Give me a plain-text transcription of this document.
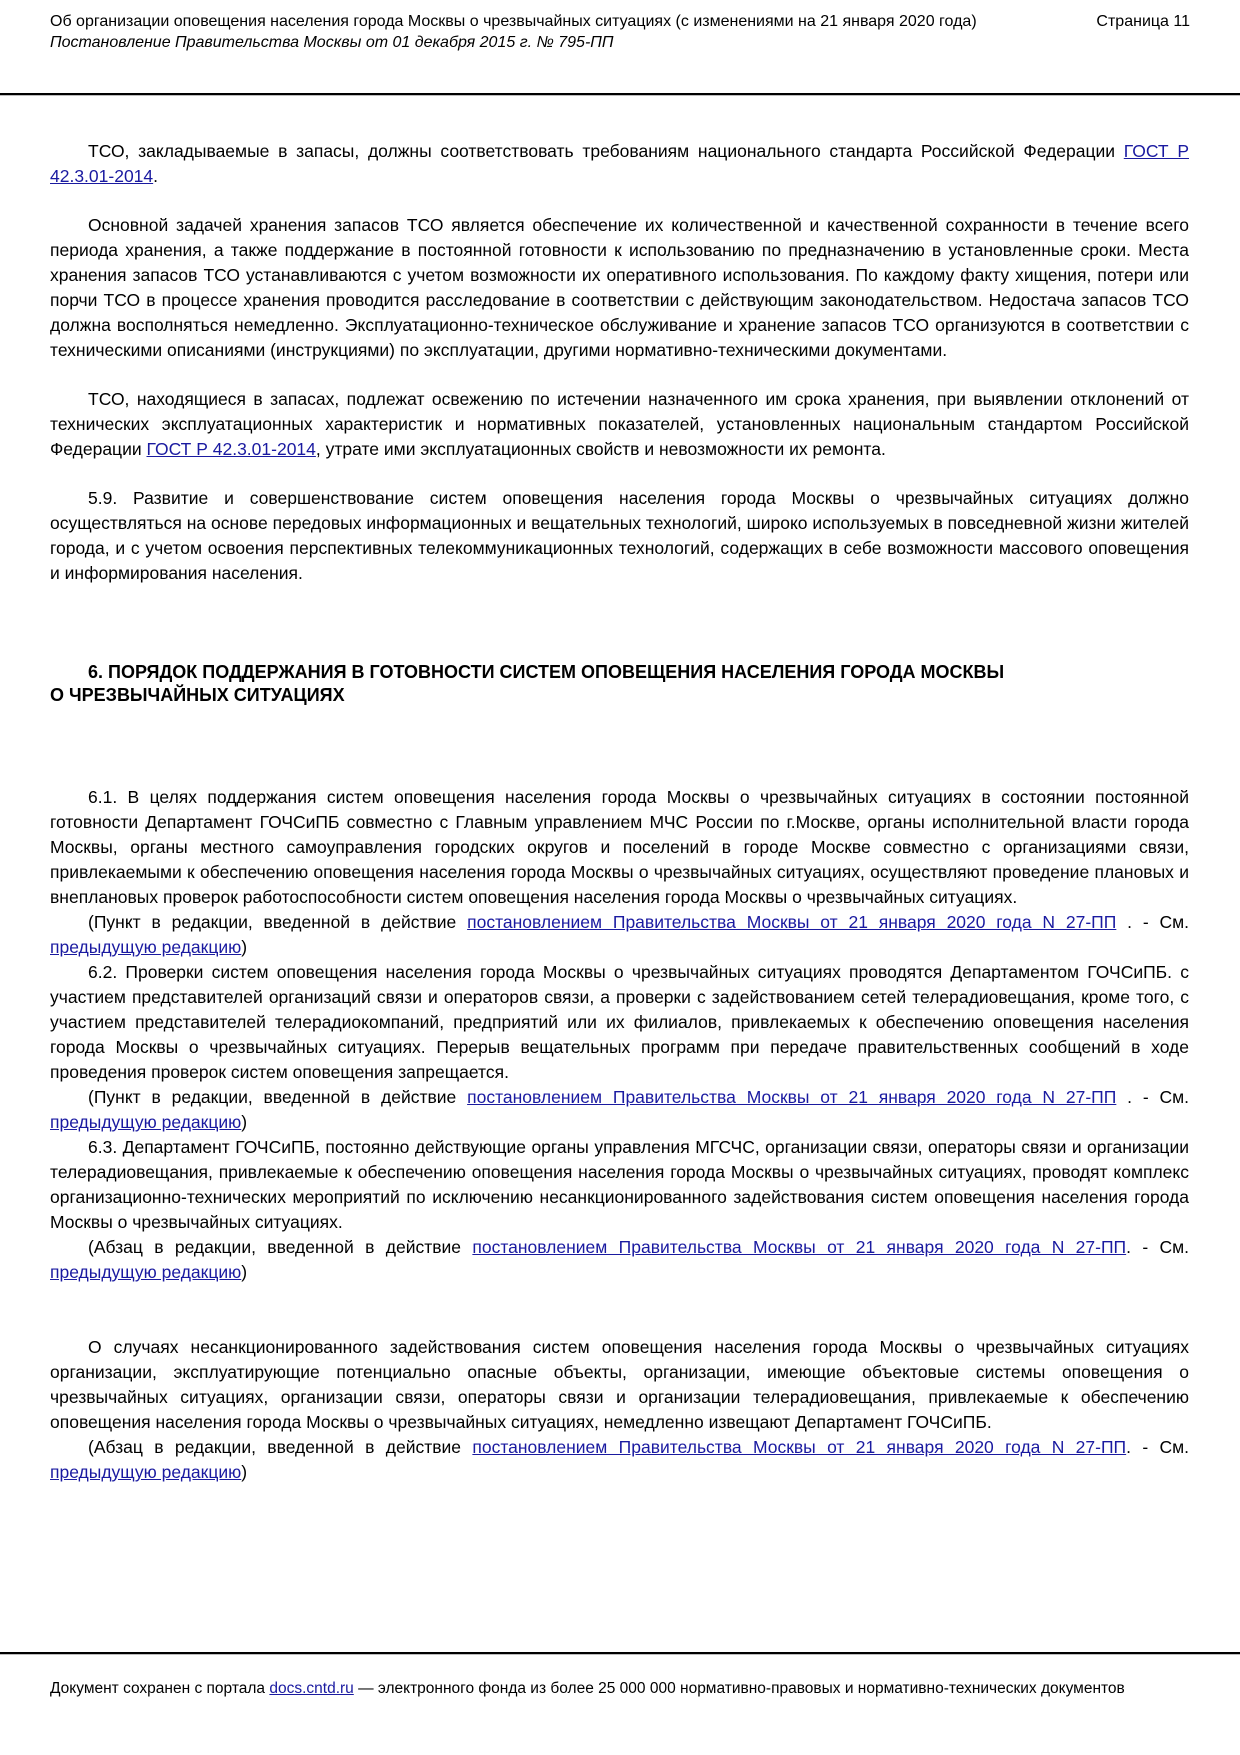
Об организации оповещения населения города Москвы о чрезвычайных ситуациях (с изменениями на 21 января 2020 года)	Страница 11
Постановление Правительства Москвы от 01 декабря 2015 г. № 795-ПП

ТСО, закладываемые в запасы, должны соответствовать требованиям национального стандарта Российской Федерации ГОСТ Р 42.3.01-2014.

Основной задачей хранения запасов ТСО является обеспечение их количественной и качественной сохранности в течение всего периода хранения, а также поддержание в постоянной готовности к использованию по предназначению в установленные сроки. Места хранения запасов ТСО устанавливаются с учетом возможности их оперативного использования. По каждому факту хищения, потери или порчи ТСО в процессе хранения проводится расследование в соответствии с действующим законодательством. Недостача запасов ТСО должна восполняться немедленно. Эксплуатационно-техническое обслуживание и хранение запасов ТСО организуются в соответствии с техническими описаниями (инструкциями) по эксплуатации, другими нормативно-техническими документами.

ТСО, находящиеся в запасах, подлежат освежению по истечении назначенного им срока хранения, при выявлении отклонений от технических эксплуатационных характеристик и нормативных показателей, установленных национальным стандартом Российской Федерации ГОСТ Р 42.3.01-2014, утрате ими эксплуатационных свойств и невозможности их ремонта.

5.9. Развитие и совершенствование систем оповещения населения города Москвы о чрезвычайных ситуациях должно осуществляться на основе передовых информационных и вещательных технологий, широко используемых в повседневной жизни жителей города, и с учетом освоения перспективных телекоммуникационных технологий, содержащих в себе возможности массового оповещения и информирования населения.

6. ПОРЯДОК ПОДДЕРЖАНИЯ В ГОТОВНОСТИ СИСТЕМ ОПОВЕЩЕНИЯ НАСЕЛЕНИЯ ГОРОДА МОСКВЫ
О ЧРЕЗВЫЧАЙНЫХ СИТУАЦИЯХ

6.1. В целях поддержания систем оповещения населения города Москвы о чрезвычайных ситуациях в состоянии постоянной готовности Департамент ГОЧСиПБ совместно с Главным управлением МЧС России по г.Москве, органы исполнительной власти города Москвы, органы местного самоуправления городских округов и поселений в городе Москве совместно с организациями связи, привлекаемыми к обеспечению оповещения населения города Москвы о чрезвычайных ситуациях, осуществляют проведение плановых и внеплановых проверок работоспособности систем оповещения населения города Москвы о чрезвычайных ситуациях.

(Пункт в редакции, введенной в действие постановлением Правительства Москвы от 21 января 2020 года N 27-ПП . - См. предыдущую редакцию)

6.2. Проверки систем оповещения населения города Москвы о чрезвычайных ситуациях проводятся Департаментом ГОЧСиПБ. с участием представителей организаций связи и операторов связи, а проверки с задействованием сетей телерадиовещания, кроме того, с участием представителей телерадиокомпаний, предприятий или их филиалов, привлекаемых к обеспечению оповещения населения города Москвы о чрезвычайных ситуациях. Перерыв вещательных программ при передаче правительственных сообщений в ходе проведения проверок систем оповещения запрещается.

(Пункт в редакции, введенной в действие постановлением Правительства Москвы от 21 января 2020 года N 27-ПП . - См. предыдущую редакцию)

6.3. Департамент ГОЧСиПБ, постоянно действующие органы управления МГСЧС, организации связи, операторы связи и организации телерадиовещания, привлекаемые к обеспечению оповещения населения города Москвы о чрезвычайных ситуациях, проводят комплекс организационно-технических мероприятий по исключению несанкционированного задействования систем оповещения населения города Москвы о чрезвычайных ситуациях.

(Абзац в редакции, введенной в действие постановлением Правительства Москвы от 21 января 2020 года N 27-ПП. - См. предыдущую редакцию)

О случаях несанкционированного задействования систем оповещения населения города Москвы о чрезвычайных ситуациях организации, эксплуатирующие потенциально опасные объекты, организации, имеющие объектовые системы оповещения о чрезвычайных ситуациях, организации связи, операторы связи и организации телерадиовещания, привлекаемые к обеспечению оповещения населения города Москвы о чрезвычайных ситуациях, немедленно извещают Департамент ГОЧСиПБ.

(Абзац в редакции, введенной в действие постановлением Правительства Москвы от 21 января 2020 года N 27-ПП. - См. предыдущую редакцию)

Документ сохранен с портала docs.cntd.ru — электронного фонда из более 25 000 000 нормативно-правовых и нормативно-технических документов
